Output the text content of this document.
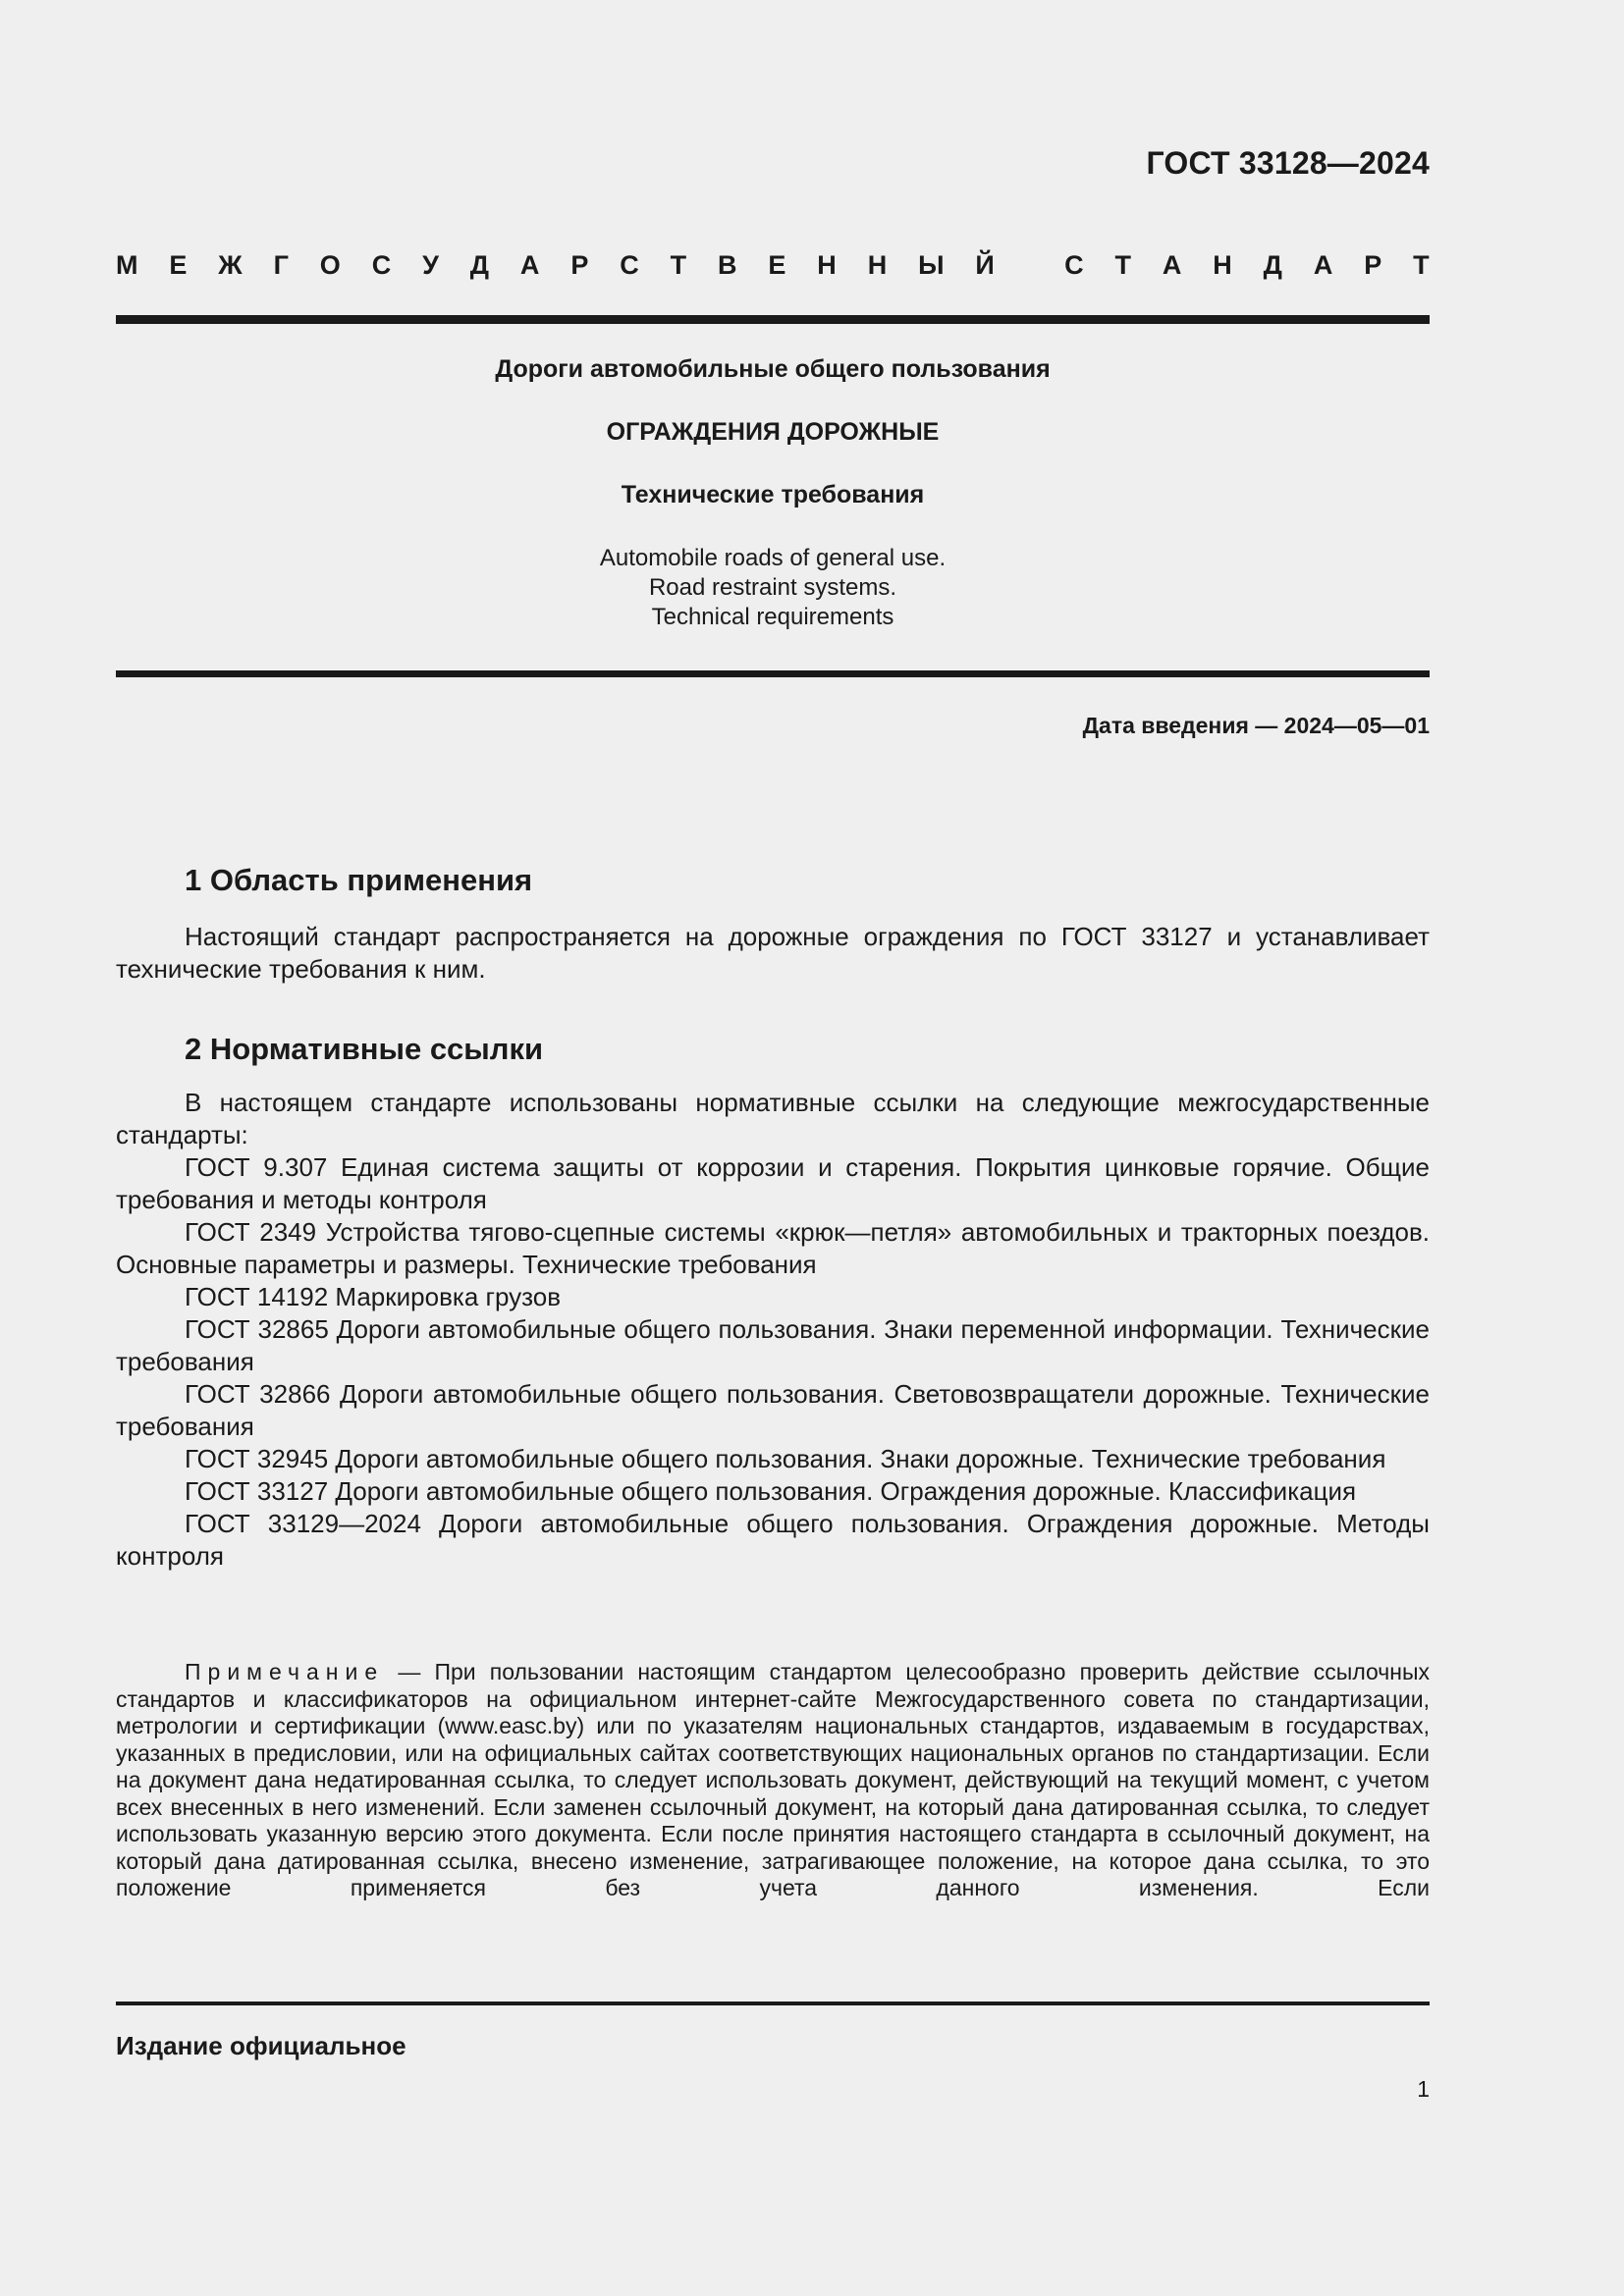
ГОСТ 33128—2024
М Е Ж Г О С У Д А Р С Т В Е Н Н Ы Й
	С Т А Н Д А Р Т
Дороги автомобильные общего пользования
ОГРАЖДЕНИЯ ДОРОЖНЫЕ
Технические требования
Automobile roads of general use.
Road restraint systems.
Technical requirements
Дата введения — 2024—05—01
1 Область применения

Настоящий стандарт распространяется на дорожные ограждения по ГОСТ 33127 и устанавливает технические требования к ним.

2 Нормативные ссылки

В настоящем стандарте использованы нормативные ссылки на следующие межгосударственные стандарты:

ГОСТ 9.307 Единая система защиты от коррозии и старения. Покрытия цинковые горячие. Общие требования и методы контроля

ГОСТ 2349 Устройства тягово-сцепные системы «крюк—петля» автомобильных и тракторных поездов. Основные параметры и размеры. Технические требования

ГОСТ 14192 Маркировка грузов

ГОСТ 32865 Дороги автомобильные общего пользования. Знаки переменной информации. Технические требования

ГОСТ 32866 Дороги автомобильные общего пользования. Световозвращатели дорожные. Технические требования

ГОСТ 32945 Дороги автомобильные общего пользования. Знаки дорожные. Технические требования

ГОСТ 33127 Дороги автомобильные общего пользования. Ограждения дорожные. Классификация

ГОСТ 33129—2024 Дороги автомобильные общего пользования. Ограждения дорожные. Методы контроля

Примечание — При пользовании настоящим стандартом целесообразно проверить действие ссылочных стандартов и классификаторов на официальном интернет-сайте Межгосударственного совета по стандартизации, метрологии и сертификации (www.easc.by) или по указателям национальных стандартов, издаваемым в государствах, указанных в предисловии, или на официальных сайтах соответствующих национальных органов по стандартизации. Если на документ дана недатированная ссылка, то следует использовать документ, действующий на текущий момент, с учетом всех внесенных в него изменений. Если заменен ссылочный документ, на который дана датированная ссылка, то следует использовать указанную версию этого документа. Если после принятия настоящего стандарта в ссылочный документ, на который дана датированная ссылка, внесено изменение, затрагивающее положение, на которое дана ссылка, то это положение применяется без учета данного изменения. Если
Издание официальное
1
